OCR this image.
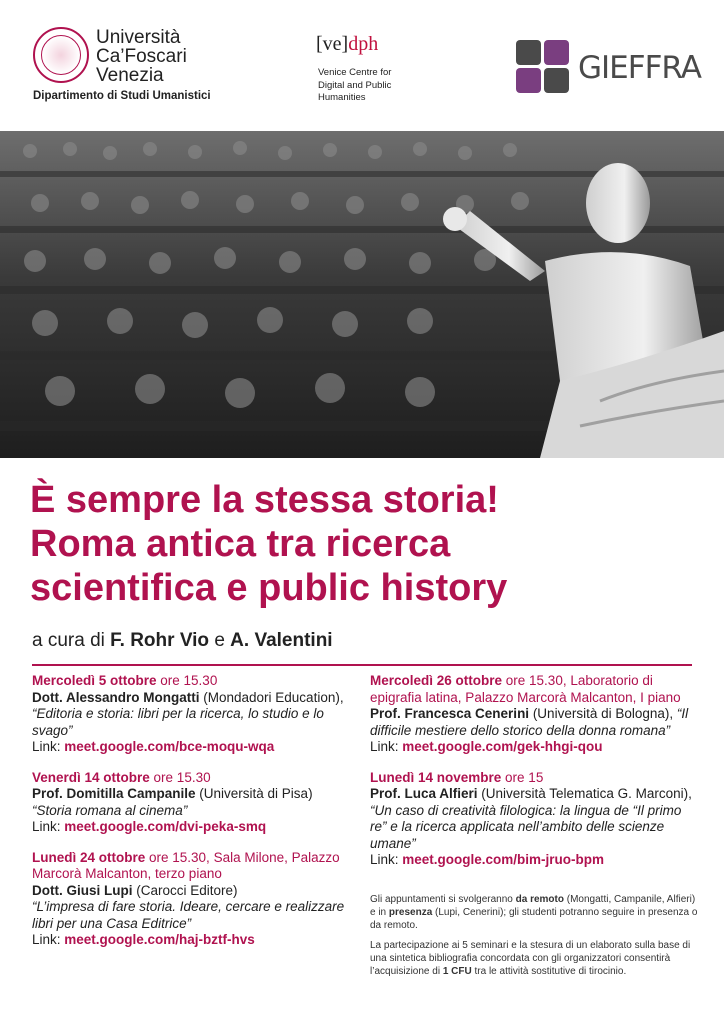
Università
Ca’Foscari
Venezia
Dipartimento di Studi Umanistici
[ve]dph
Venice Centre for
Digital and Public
Humanities
GIEFFRA
È sempre la stessa storia!
Roma antica tra ricerca
scientifica e public history
a cura di F. Rohr Vio e A. Valentini
Mercoledì 5 ottobre ore 15.30
Dott. Alessandro Mongatti (Mondadori Education), “Editoria e storia: libri per la ricerca, lo studio e lo svago”
Link: meet.google.com/bce-moqu-wqa
Venerdì 14 ottobre ore 15.30
Prof. Domitilla Campanile (Università di Pisa)
“Storia romana al cinema”
Link: meet.google.com/dvi-peka-smq
Lunedì 24 ottobre ore 15.30, Sala Milone, Palazzo Marcorà Malcanton, terzo piano
Dott. Giusi Lupi (Carocci Editore)
“L’impresa di fare storia. Ideare, cercare e realizzare libri per una Casa Editrice”
Link: meet.google.com/haj-bztf-hvs
Mercoledì 26 ottobre ore 15.30, Laboratorio di epigrafia latina, Palazzo Marcorà Malcanton, I piano
Prof. Francesca Cenerini (Università di Bologna), “Il difficile mestiere dello storico della donna romana”
Link: meet.google.com/gek-hhgi-qou
Lunedì 14 novembre ore 15
Prof. Luca Alfieri (Università Telematica G. Marconi), “Un caso di creatività filologica: la lingua de “Il primo re” e la ricerca applicata nell’ambito delle scienze umane”
Link: meet.google.com/bim-jruo-bpm

Gli appuntamenti si svolgeranno da remoto (Mongatti, Campanile, Alfieri) e in presenza (Lupi, Cenerini); gli studenti potranno seguire in presenza o da remoto.

La partecipazione ai 5 seminari e la stesura di un elaborato sulla base di una sintetica bibliografia concordata con gli organizzatori consentirà l’acquisizione di 1 CFU tra le attività sostitutive di tirocinio.
